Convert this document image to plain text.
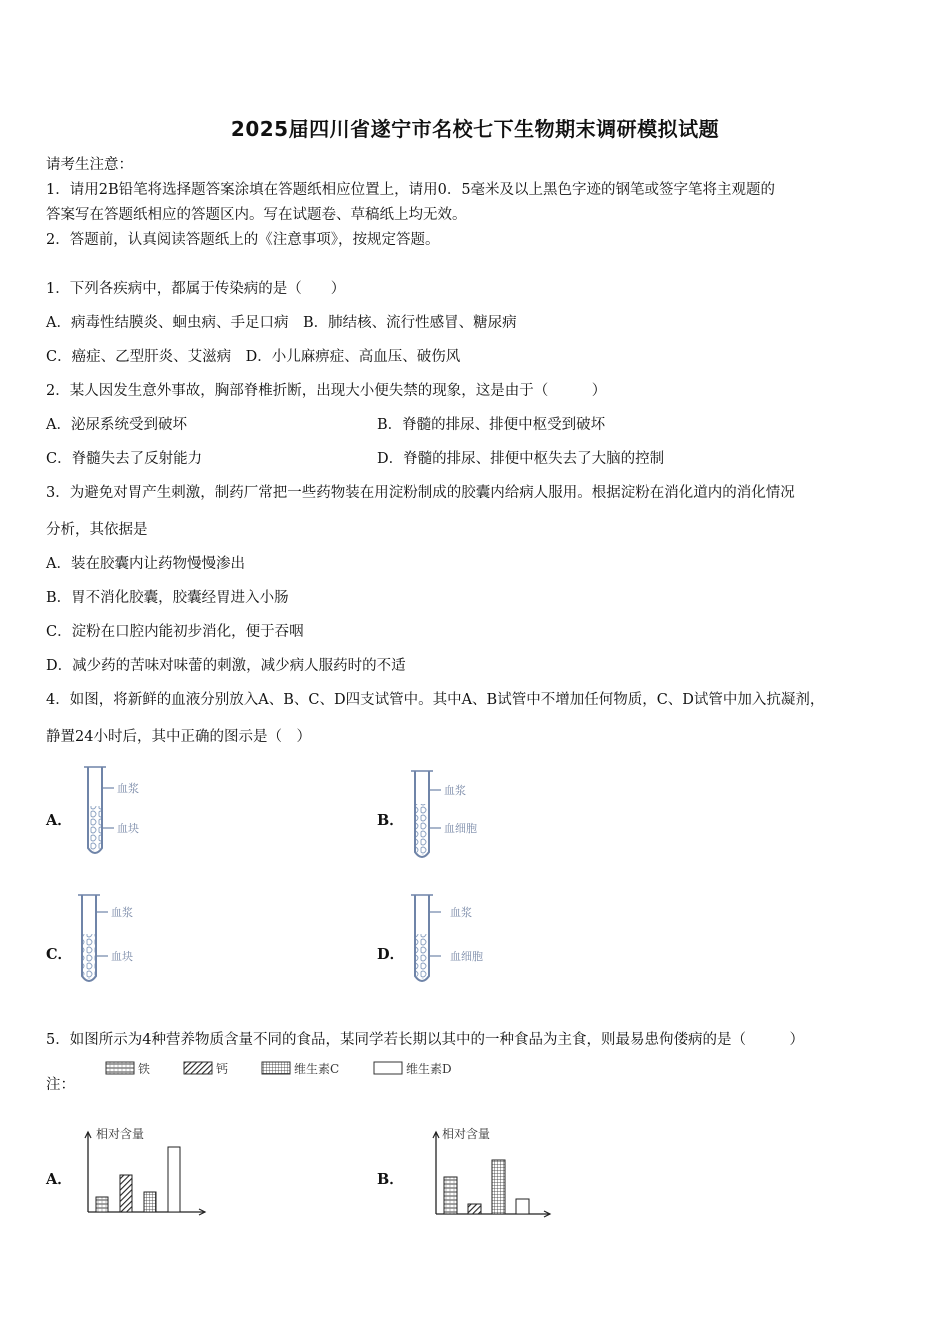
2025届四川省遂宁市名校七下生物期末调研模拟试题
请考生注意：
1．请用2B铅笔将选择题答案涂填在答题纸相应位置上，请用0．5毫米及以上黑色字迹的钢笔或签字笔将主观题的
答案写在答题纸相应的答题区内。写在试题卷、草稿纸上均无效。
2．答题前，认真阅读答题纸上的《注意事项》，按规定答题。
1．下列各疾病中，都属于传染病的是（　　）
A．病毒性结膜炎、蛔虫病、手足口病　B．肺结核、流行性感冒、糖尿病
C．癌症、乙型肝炎、艾滋病　D．小儿麻痹症、高血压、破伤风
2．某人因发生意外事故，胸部脊椎折断，出现大小便失禁的现象，这是由于（　　　）
A．泌尿系统受到破坏	B．脊髓的排尿、排便中枢受到破坏
C．脊髓失去了反射能力	D．脊髓的排尿、排便中枢失去了大脑的控制
3．为避免对胃产生刺激，制药厂常把一些药物装在用淀粉制成的胶囊内给病人服用。根据淀粉在消化道内的消化情况
分析，其依据是
A．装在胶囊内让药物慢慢渗出
B．胃不消化胶囊，胶囊经胃进入小肠
C．淀粉在口腔内能初步消化，便于吞咽
D．减少药的苦味对味蕾的刺激，减少病人服药时的不适
4．如图，将新鲜的血液分别放入A、B、C、D四支试管中。其中A、B试管中不增加任何物质，C、D试管中加入抗凝剂，
静置24小时后，其中正确的图示是（　）
A．	B．
C．	D．
血浆
血块
血浆
血细胞
血浆
血块
血浆
血细胞
5．如图所示为4种营养物质含量不同的食品，某同学若长期以其中的一种食品为主食，则最易患佝偻病的是（　　　）
注：
铁	钙	维生素C	维生素D
A．	B．
相对含量	相对含量
